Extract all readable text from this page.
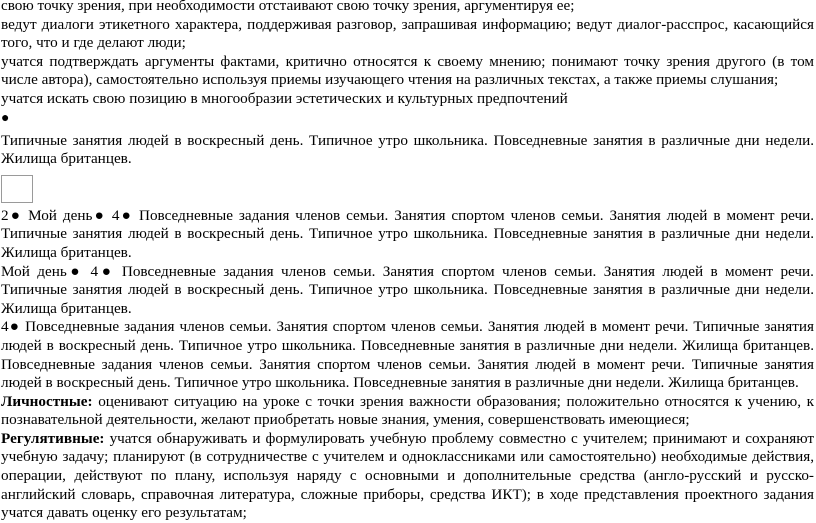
свою точку зрения, при необходимости отстаивают свою точку зрения, аргументируя ее;

ведут диалоги этикетного характера, поддерживая разговор, запрашивая информацию; ведут диалог-расспрос, касающийся того, что и где делают люди;

учатся подтверждать аргументы фактами, критично относятся к своему мнению; понимают точку зрения другого (в том числе автора), самостоятельно используя приемы изучающего чтения на различных текстах, а также приемы слушания;

учатся искать свою позицию в многообразии эстетических и культурных предпочтений

●

Типичные занятия людей в воскресный день. Типичное утро школьника. Повседневные занятия в различные дни недели. Жилища британцев.

2● Мой день● 4● Повседневные задания членов семьи. Занятия спортом членов семьи. Занятия людей в момент речи. Типичные занятия людей в воскресный день. Типичное утро школьника. Повседневные занятия в различные дни недели. Жилища британцев.

Мой день● 4● Повседневные задания членов семьи. Занятия спортом членов семьи. Занятия людей в момент речи. Типичные занятия людей в воскресный день. Типичное утро школьника. Повседневные занятия в различные дни недели. Жилища британцев.

4● Повседневные задания членов семьи. Занятия спортом членов семьи. Занятия людей в момент речи. Типичные занятия людей в воскресный день. Типичное утро школьника. Повседневные занятия в различные дни недели. Жилища британцев. Повседневные задания членов семьи. Занятия спортом членов семьи. Занятия людей в момент речи. Типичные занятия людей в воскресный день. Типичное утро школьника. Повседневные занятия в различные дни недели. Жилища британцев.

Личностные: оценивают ситуацию на уроке с точки зрения важности образования; положительно относятся к учению, к познавательной деятельности, желают приобретать новые знания, умения, совершенствовать имеющиеся;

Регулятивные: учатся обнаруживать и формулировать учебную проблему совместно с учителем; принимают и сохраняют учебную задачу; планируют (в сотрудничестве с учителем и одноклассниками или самостоятельно) необходимые действия, операции, действуют по плану, используя наряду с основными и дополнительные средства (англо-русский и русско-английский словарь, справочная литература, сложные приборы, средства ИКТ); в ходе представления проектного задания учатся давать оценку его результатам;
